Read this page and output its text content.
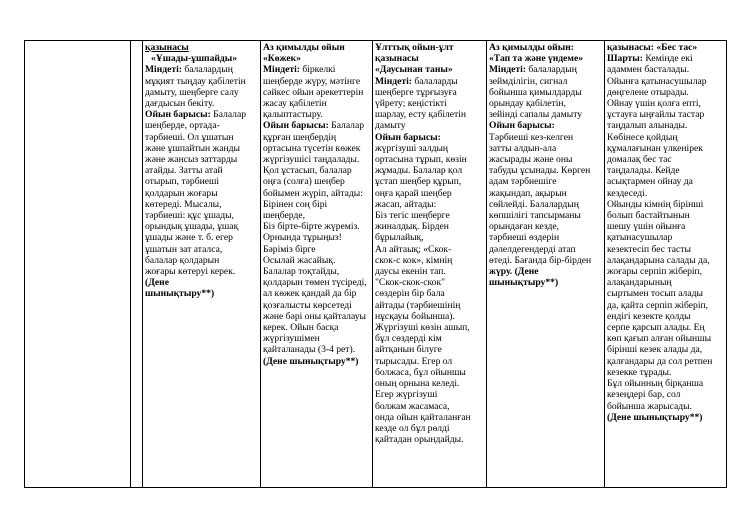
қазынасы
«Ұшады-ұшпайды»
Міндеті: балалардың
мұқият тыңдау қабілетін
дамыту, шеңберге салу
дағдысын бекіту.
Ойын барысы: Балалар
шеңберде, ортада-
тәрбиеші. Ол ұшатын
және ұшпайтын жанды
және жансыз заттарды
атайды. Затты атай
отырып, тәрбиеші
қолдарын жоғары
көтереді. Мысалы,
тәрбиеші: құс ұшады,
орындық ұшады, ұшақ
ұшады және т. б. егер
ұшатын зат аталса,
балалар қолдарын
жоғары көтеруі керек.
(Дене
шынықтыру**)

Аз қимылды ойын
«Көжек»
Міндеті: біркелкі
шеңберде жүру, мәтінге
сәйкес ойын әрекеттерін
жасау қабілетін
қалыптастыру.
Ойын барысы: Балалар
құрған шеңбердің
ортасына түсетін көжек
жүргізушісі таңдалады.
Қол ұстасып, балалар
оңға (солға) шеңбер
бойымен жүріп, айтады:
Бірінен соң бірі
шеңберде,
Біз бірте-бірте жүреміз.
Орнында тұрыңыз!
Бәріміз бірге
Осылай жасайық.
Балалар тоқтайды,
қолдарын төмен түсіреді,
ал көжек қандай да бір
қозғалысты көрсетеді
және бәрі оны қайталауы
керек. Ойын басқа
жүргізушімен
қайталанады (3-4 рет).
(Дене шынықтыру**)

Ұлттық ойын-ұлт
қазынасы
«Даусынан таны»
Міндеті: балаларды
шеңберге тұрғызуға
үйрету; кеңістікті
шарлау, есту қабілетін
дамыту
Ойын барысы:
жүргізуші залдың
ортасына тұрып, көзін
жұмады. Балалар қол
ұстап шеңбер құрып,
оңға қарай шеңбер
жасап, айтады:
Біз тегіс шеңберге
жиналдық. Бірден
бұрылайық,
Ал айтаық; «Скок-
скок-с кок», кімнің
дауcы екенін тап.
"Скок-скок-скок"
сөздерін бір бала
айтады (тәрбиешінің
нұсқауы бойынша).
Жүргізуші көзін ашып,
бұл сөздерді кім
айтқанын білуге
тырысады. Егер ол
болжаса, бұл ойыншы
оның орнына келеді.
Егер жүргізуші
болжам жасамаса,
онда ойын қайталанған
кезде ол бұл рөлді
қайтадан орындайды.

Аз қимылды ойын:
«Тап та және үндеме»
Міндеті: балалардың
зеймділігін, сигнал
бойынша қимылдарды
орындау қабілетін,
зейінді сапалы дамыту
Ойын барысы:
Тәрбиеші кез-келген
затты алдын-ала
жасырады және оны
табуды ұсынады. Көрген
адам тәрбиешіге
жақындап, ақырын
сөйлейді. Балалардың
көпшілігі тапсырманы
орындаған кезде,
тәрбиеші өздерін
дәлелдегендерді атап
өтеді. Бағанда бір-бірден
жүру. (Дене
шынықтыру**)

қазынасы: «Бес тас»
Шарты: Кемінде екі
адаммен басталады.
Ойынға қатынасушылар
дөңгелене отырады.
Ойнау үшін қолға епті,
ұстауға ыңғайлы тастар
таңдалып алынады.
Көбінесе қойдың
құмалағынан үлкенірек
домалақ бес тас
таңдалады. Кейде
асықтармен ойнау да
кездеседі.
Ойынды кімнің бірінші
болып бастайтынын
шешу үшін ойынға
қатынасушылар
кезектесіп бес тасты
алақандарына салады да,
жоғары серпіп жіберіп,
алақандарының
сыртымен тосып алады
да, қайта серпіп жіберіп,
ендігі кезекте қолды
серпе қарсып алады. Ең
көп қағып алған ойыншы
бірінші кезек алады да,
қалғандары да сол ретпен
кезекке тұрады.
Бұл ойынның бірқанша
кезеңдері бар, сол
бойынша жарысады.
(Дене шынықтыру**)
